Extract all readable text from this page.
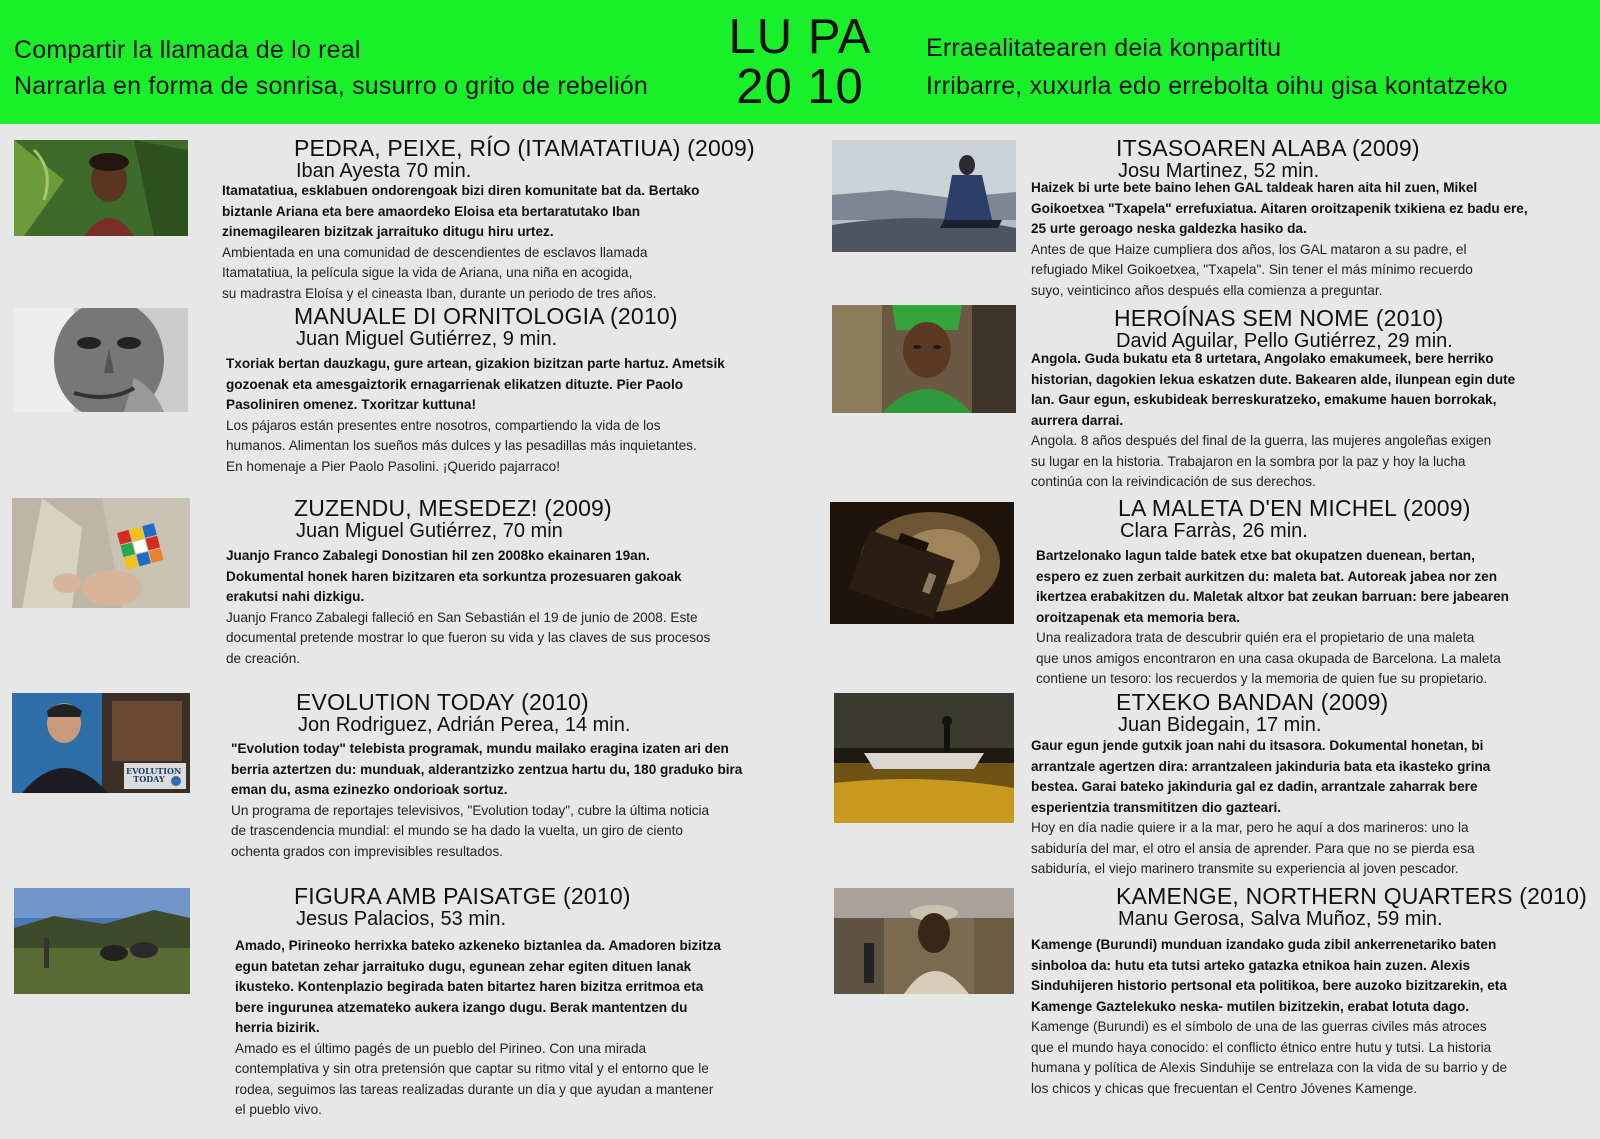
Compartir la llamada de lo real
Narrarla en forma de sonrisa, susurro o grito de rebelión
LU PA
20 10
Erraealitatearen deia konpartitu
Irribarre, xuxurla edo errebolta oihu gisa kontatzeko
EVOLUTION TODAY
PEDRA, PEIXE, RÍO (ITAMATATIUA) (2009)
Iban Ayesta 70 min.
Itamatatiua, esklabuen ondorengoak bizi diren komunitate bat da. Bertako
biztanle Ariana eta bere amaordeko Eloisa eta bertaratutako Iban
zinemagilearen bizitzak jarraituko ditugu hiru urtez.
Ambientada en una comunidad de descendientes de esclavos llamada
Itamatatiua, la película sigue la vida de Ariana, una niña en acogida,
su madrastra Eloísa y el cineasta Iban, durante un periodo de tres años.
MANUALE DI ORNITOLOGIA (2010)
Juan Miguel Gutiérrez, 9 min.
Txoriak bertan dauzkagu, gure artean, gizakion bizitzan parte hartuz. Ametsik
gozoenak eta amesgaiztorik ernagarrienak elikatzen dituzte. Pier Paolo
Pasoliniren omenez. Txoritzar kuttuna!
Los pájaros están presentes entre nosotros, compartiendo la vida de los
humanos. Alimentan los sueños más dulces y las pesadillas más inquietantes.
En homenaje a Pier Paolo Pasolini. ¡Querido pajarraco!
ZUZENDU, MESEDEZ! (2009)
Juan Miguel Gutiérrez, 70 min
Juanjo Franco Zabalegi Donostian hil zen 2008ko ekainaren 19an.
Dokumental honek haren bizitzaren eta sorkuntza prozesuaren gakoak
erakutsi nahi dizkigu.
Juanjo Franco Zabalegi falleció en San Sebastián el 19 de junio de 2008. Este
documental pretende mostrar lo que fueron su vida y las claves de sus procesos
de creación.
EVOLUTION TODAY (2010)
Jon Rodriguez, Adrián Perea, 14 min.
"Evolution today" telebista programak, mundu mailako eragina izaten ari den
berria aztertzen du: munduak, alderantzizko zentzua hartu du, 180 graduko bira
eman du, asma ezinezko ondorioak sortuz.
Un programa de reportajes televisivos, "Evolution today", cubre la última noticia
de trascendencia mundial: el mundo se ha dado la vuelta, un giro de ciento
ochenta grados con imprevisibles resultados.
FIGURA AMB PAISATGE (2010)
Jesus Palacios, 53 min.
Amado, Pirineoko herrixka bateko azkeneko biztanlea da. Amadoren bizitza
egun batetan zehar jarraituko dugu, egunean zehar egiten dituen lanak
ikusteko. Kontenplazio begirada baten bitartez haren bizitza erritmoa eta
bere ingurunea atzemateko aukera izango dugu. Berak mantentzen du
herria bizirik.
Amado es el último pagés de un pueblo del Pirineo. Con una mirada
contemplativa y sin otra pretensión que captar su ritmo vital y el entorno que le
rodea, seguimos las tareas realizadas durante un día y que ayudan a mantener
el pueblo vivo.
ITSASOAREN ALABA (2009)
Josu Martinez, 52 min.
Haizek bi urte bete baino lehen GAL taldeak haren aita hil zuen, Mikel
Goikoetxea "Txapela" errefuxiatua. Aitaren oroitzapenik txikiena ez badu ere,
25 urte geroago neska galdezka hasiko da.
Antes de que Haize cumpliera dos años, los GAL mataron a su padre, el
refugiado Mikel Goikoetxea, "Txapela". Sin tener el más mínimo recuerdo
suyo, veinticinco años después ella comienza a preguntar.
HEROÍNAS SEM NOME (2010)
David Aguilar, Pello Gutiérrez, 29 min.
Angola. Guda bukatu eta 8 urtetara, Angolako emakumeek, bere herriko
historian, dagokien lekua eskatzen dute. Bakearen alde, ilunpean egin dute
lan. Gaur egun, eskubideak berreskuratzeko, emakume hauen borrokak,
aurrera darrai.
Angola. 8 años después del final de la guerra, las mujeres angoleñas exigen
su lugar en la historia. Trabajaron en la sombra por la paz y hoy la lucha
continúa con la reivindicación de sus derechos.
LA MALETA D'EN MICHEL (2009)
Clara Farràs, 26 min.
Bartzelonako lagun talde batek etxe bat okupatzen duenean, bertan,
espero ez zuen zerbait aurkitzen du: maleta bat. Autoreak jabea nor zen
ikertzea erabakitzen du. Maletak altxor bat zeukan barruan: bere jabearen
oroitzapenak eta memoria bera.
Una realizadora trata de descubrir quién era el propietario de una maleta
que unos amigos encontraron en una casa okupada de Barcelona. La maleta
contiene un tesoro: los recuerdos y la memoria de quien fue su propietario.
ETXEKO BANDAN (2009)
Juan Bidegain, 17 min.
Gaur egun jende gutxik joan nahi du itsasora. Dokumental honetan, bi
arrantzale agertzen dira: arrantzaleen jakinduria bata eta ikasteko grina
bestea. Garai bateko jakinduria gal ez dadin, arrantzale zaharrak bere
esperientzia transmititzen dio gazteari.
Hoy en día nadie quiere ir a la mar, pero he aquí a dos marineros: uno la
sabiduría del mar, el otro el ansia de aprender. Para que no se pierda esa
sabiduría, el viejo marinero transmite su experiencia al joven pescador.
KAMENGE, NORTHERN QUARTERS (2010)
Manu Gerosa, Salva Muñoz, 59 min.
Kamenge (Burundi) munduan izandako guda zibil ankerrenetariko baten
sinboloa da: hutu eta tutsi arteko gatazka etnikoa hain zuzen. Alexis
Sinduhijeren historio pertsonal eta politikoa, bere auzoko bizitzarekin, eta
Kamenge Gaztelekuko neska- mutilen bizitzekin, erabat lotuta dago.
Kamenge (Burundi) es el símbolo de una de las guerras civiles más atroces
que el mundo haya conocido: el conflicto étnico entre hutu y tutsi. La historia
humana y política de Alexis Sinduhije se entrelaza con la vida de su barrio y de
los chicos y chicas que frecuentan el Centro Jóvenes Kamenge.
